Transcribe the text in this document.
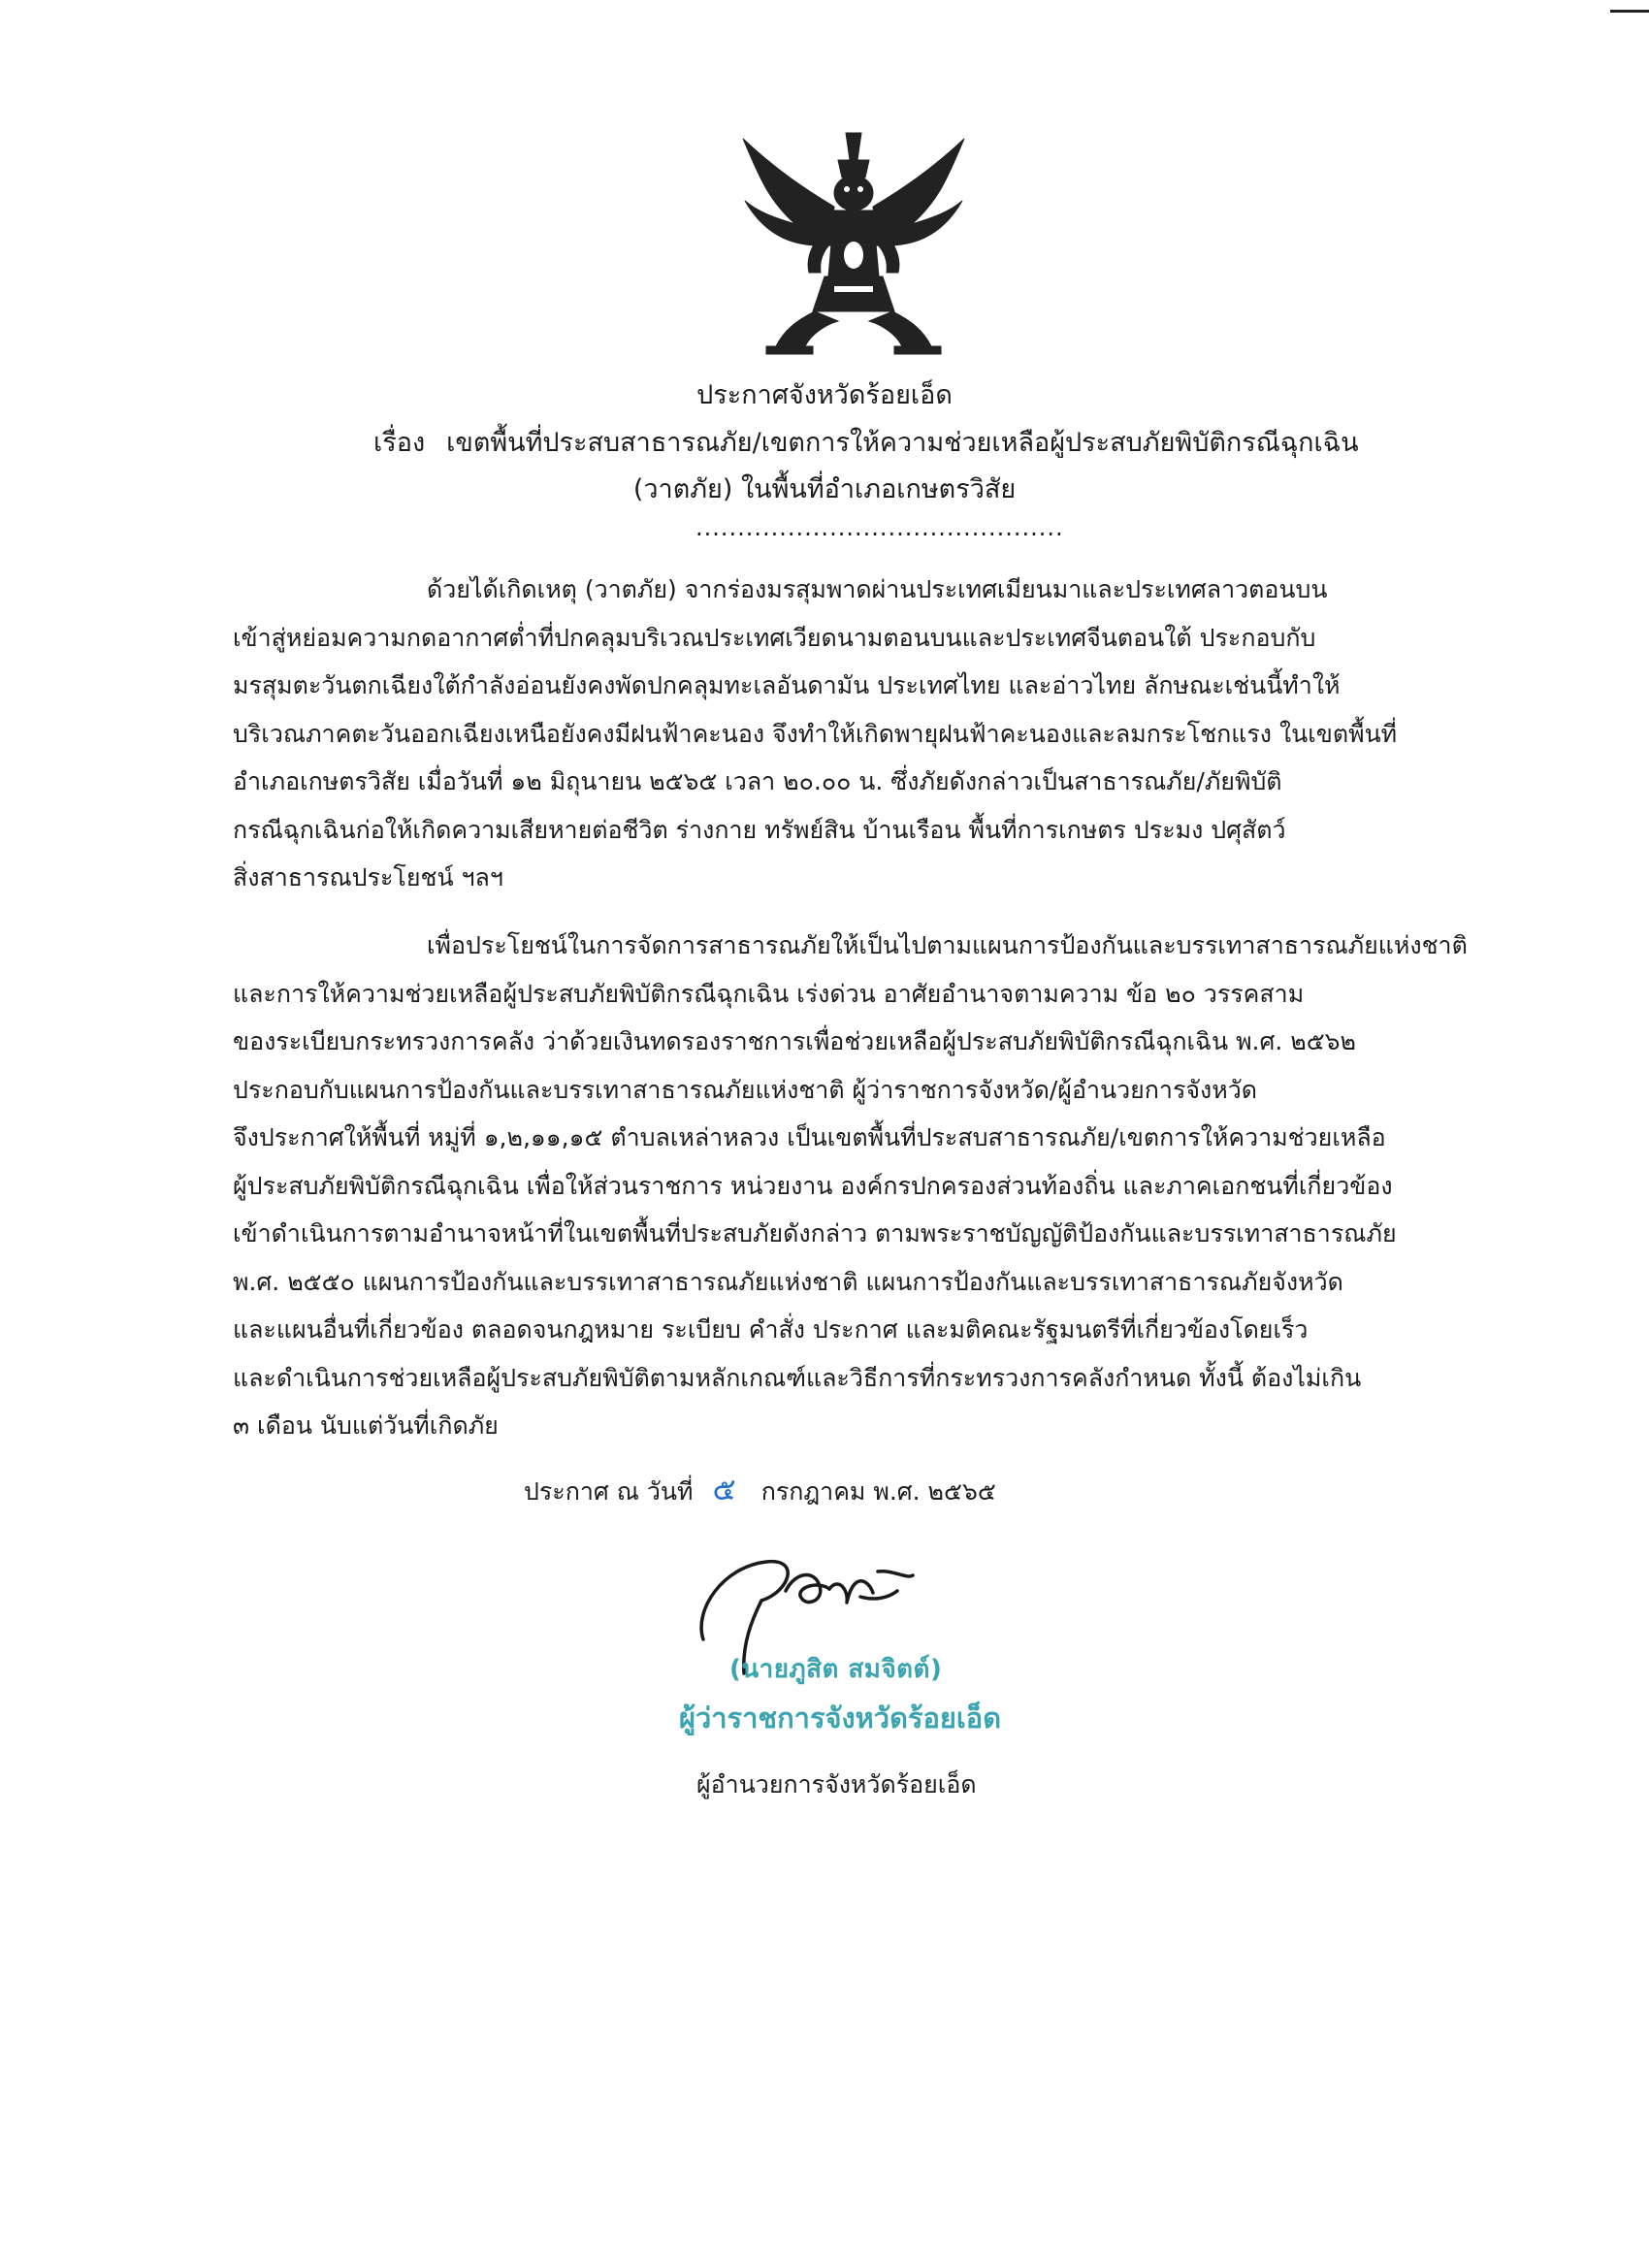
ประกาศจังหวัดร้อยเอ็ด
เรื่อง เขตพื้นที่ประสบสาธารณภัย/เขตการให้ความช่วยเหลือผู้ประสบภัยพิบัติกรณีฉุกเฉิน
(วาตภัย) ในพื้นที่อำเภอเกษตรวิสัย
............................................
ด้วยได้เกิดเหตุ (วาตภัย) จากร่องมรสุมพาดผ่านประเทศเมียนมาและประเทศลาวตอนบน
เข้าสู่หย่อมความกดอากาศต่ำที่ปกคลุมบริเวณประเทศเวียดนามตอนบนและประเทศจีนตอนใต้ ประกอบกับ
มรสุมตะวันตกเฉียงใต้กำลังอ่อนยังคงพัดปกคลุมทะเลอันดามัน ประเทศไทย และอ่าวไทย ลักษณะเช่นนี้ทำให้
บริเวณภาคตะวันออกเฉียงเหนือยังคงมีฝนฟ้าคะนอง จึงทำให้เกิดพายุฝนฟ้าคะนองและลมกระโชกแรง ในเขตพื้นที่
อำเภอเกษตรวิสัย เมื่อวันที่ ๑๒ มิถุนายน ๒๕๖๕ เวลา ๒๐.๐๐ น. ซึ่งภัยดังกล่าวเป็นสาธารณภัย/ภัยพิบัติ
กรณีฉุกเฉินก่อให้เกิดความเสียหายต่อชีวิต ร่างกาย ทรัพย์สิน บ้านเรือน พื้นที่การเกษตร ประมง ปศุสัตว์
สิ่งสาธารณประโยชน์ ฯลฯ
เพื่อประโยชน์ในการจัดการสาธารณภัยให้เป็นไปตามแผนการป้องกันและบรรเทาสาธารณภัยแห่งชาติ
และการให้ความช่วยเหลือผู้ประสบภัยพิบัติกรณีฉุกเฉิน เร่งด่วน อาศัยอำนาจตามความ ข้อ ๒๐ วรรคสาม
ของระเบียบกระทรวงการคลัง ว่าด้วยเงินทดรองราชการเพื่อช่วยเหลือผู้ประสบภัยพิบัติกรณีฉุกเฉิน พ.ศ. ๒๕๖๒
ประกอบกับแผนการป้องกันและบรรเทาสาธารณภัยแห่งชาติ ผู้ว่าราชการจังหวัด/ผู้อำนวยการจังหวัด
จึงประกาศให้พื้นที่ หมู่ที่ ๑,๒,๑๑,๑๕ ตำบลเหล่าหลวง เป็นเขตพื้นที่ประสบสาธารณภัย/เขตการให้ความช่วยเหลือ
ผู้ประสบภัยพิบัติกรณีฉุกเฉิน เพื่อให้ส่วนราชการ หน่วยงาน องค์กรปกครองส่วนท้องถิ่น และภาคเอกชนที่เกี่ยวข้อง
เข้าดำเนินการตามอำนาจหน้าที่ในเขตพื้นที่ประสบภัยดังกล่าว ตามพระราชบัญญัติป้องกันและบรรเทาสาธารณภัย
พ.ศ. ๒๕๕๐ แผนการป้องกันและบรรเทาสาธารณภัยแห่งชาติ แผนการป้องกันและบรรเทาสาธารณภัยจังหวัด
และแผนอื่นที่เกี่ยวข้อง ตลอดจนกฎหมาย ระเบียบ คำสั่ง ประกาศ และมติคณะรัฐมนตรีที่เกี่ยวข้องโดยเร็ว
และดำเนินการช่วยเหลือผู้ประสบภัยพิบัติตามหลักเกณฑ์และวิธีการที่กระทรวงการคลังกำหนด ทั้งนี้ ต้องไม่เกิน
๓ เดือน นับแต่วันที่เกิดภัย
ประกาศ ณ วันที่ ๕ กรกฎาคม พ.ศ. ๒๕๖๕
(นายภูสิต สมจิตต์)
ผู้ว่าราชการจังหวัดร้อยเอ็ด
ผู้อำนวยการจังหวัดร้อยเอ็ด
